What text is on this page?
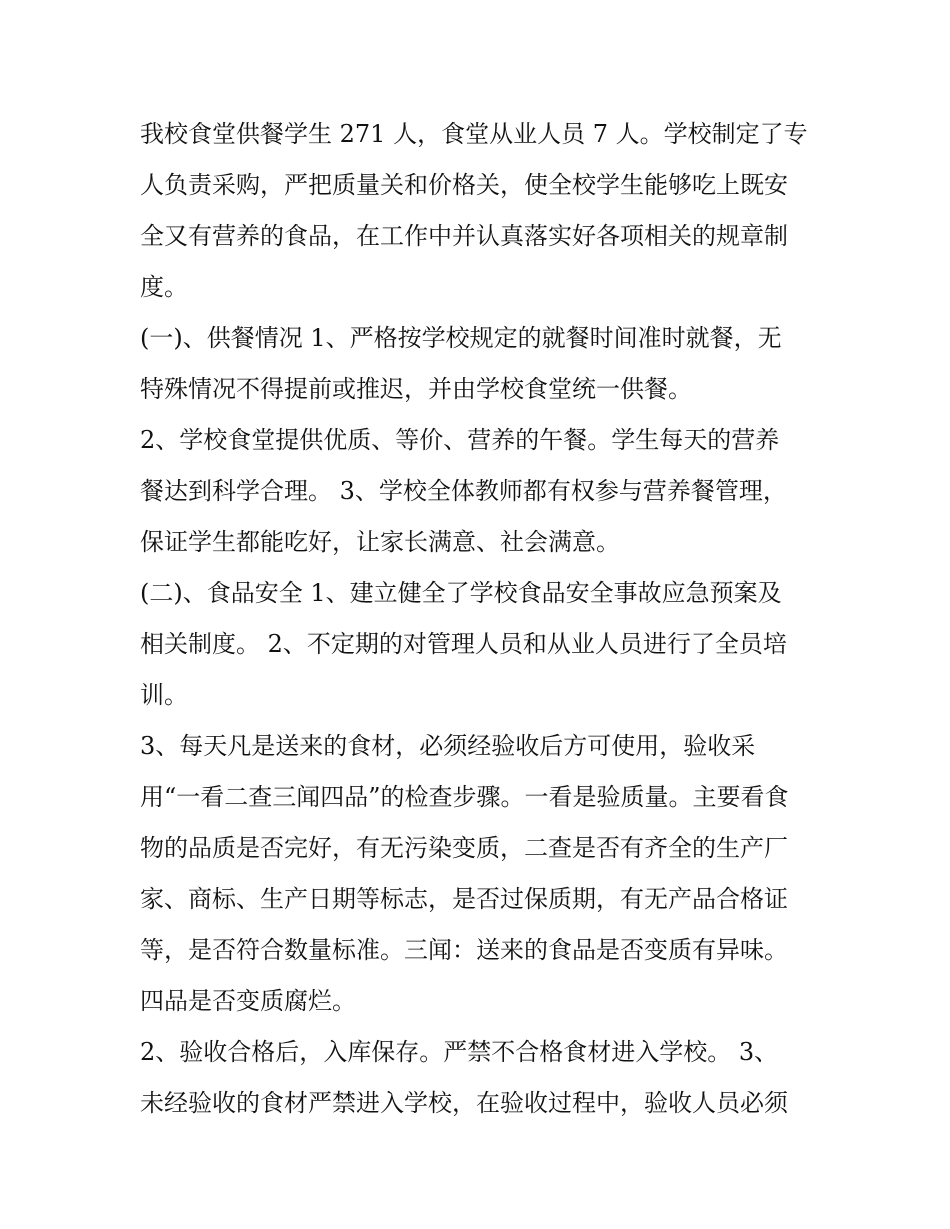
我校食堂供餐学生 271 人，食堂从业人员 7 人。学校制定了专
人负责采购，严把质量关和价格关，使全校学生能够吃上既安
全又有营养的食品，在工作中并认真落实好各项相关的规章制
度。
(一)、供餐情况 1、严格按学校规定的就餐时间准时就餐，无
特殊情况不得提前或推迟，并由学校食堂统一供餐。
2、学校食堂提供优质、等价、营养的午餐。学生每天的营养
餐达到科学合理。 3、学校全体教师都有权参与营养餐管理，
保证学生都能吃好，让家长满意、社会满意。
(二)、食品安全 1、建立健全了学校食品安全事故应急预案及
相关制度。 2、不定期的对管理人员和从业人员进行了全员培
训。
3、每天凡是送来的食材，必须经验收后方可使用，验收采
用“一看二查三闻四品”的检查步骤。一看是验质量。主要看食
物的品质是否完好，有无污染变质，二查是否有齐全的生产厂
家、商标、生产日期等标志，是否过保质期，有无产品合格证
等，是否符合数量标准。三闻：送来的食品是否变质有异味。
四品是否变质腐烂。
2、验收合格后，入库保存。严禁不合格食材进入学校。 3、
未经验收的食材严禁进入学校，在验收过程中，验收人员必须
